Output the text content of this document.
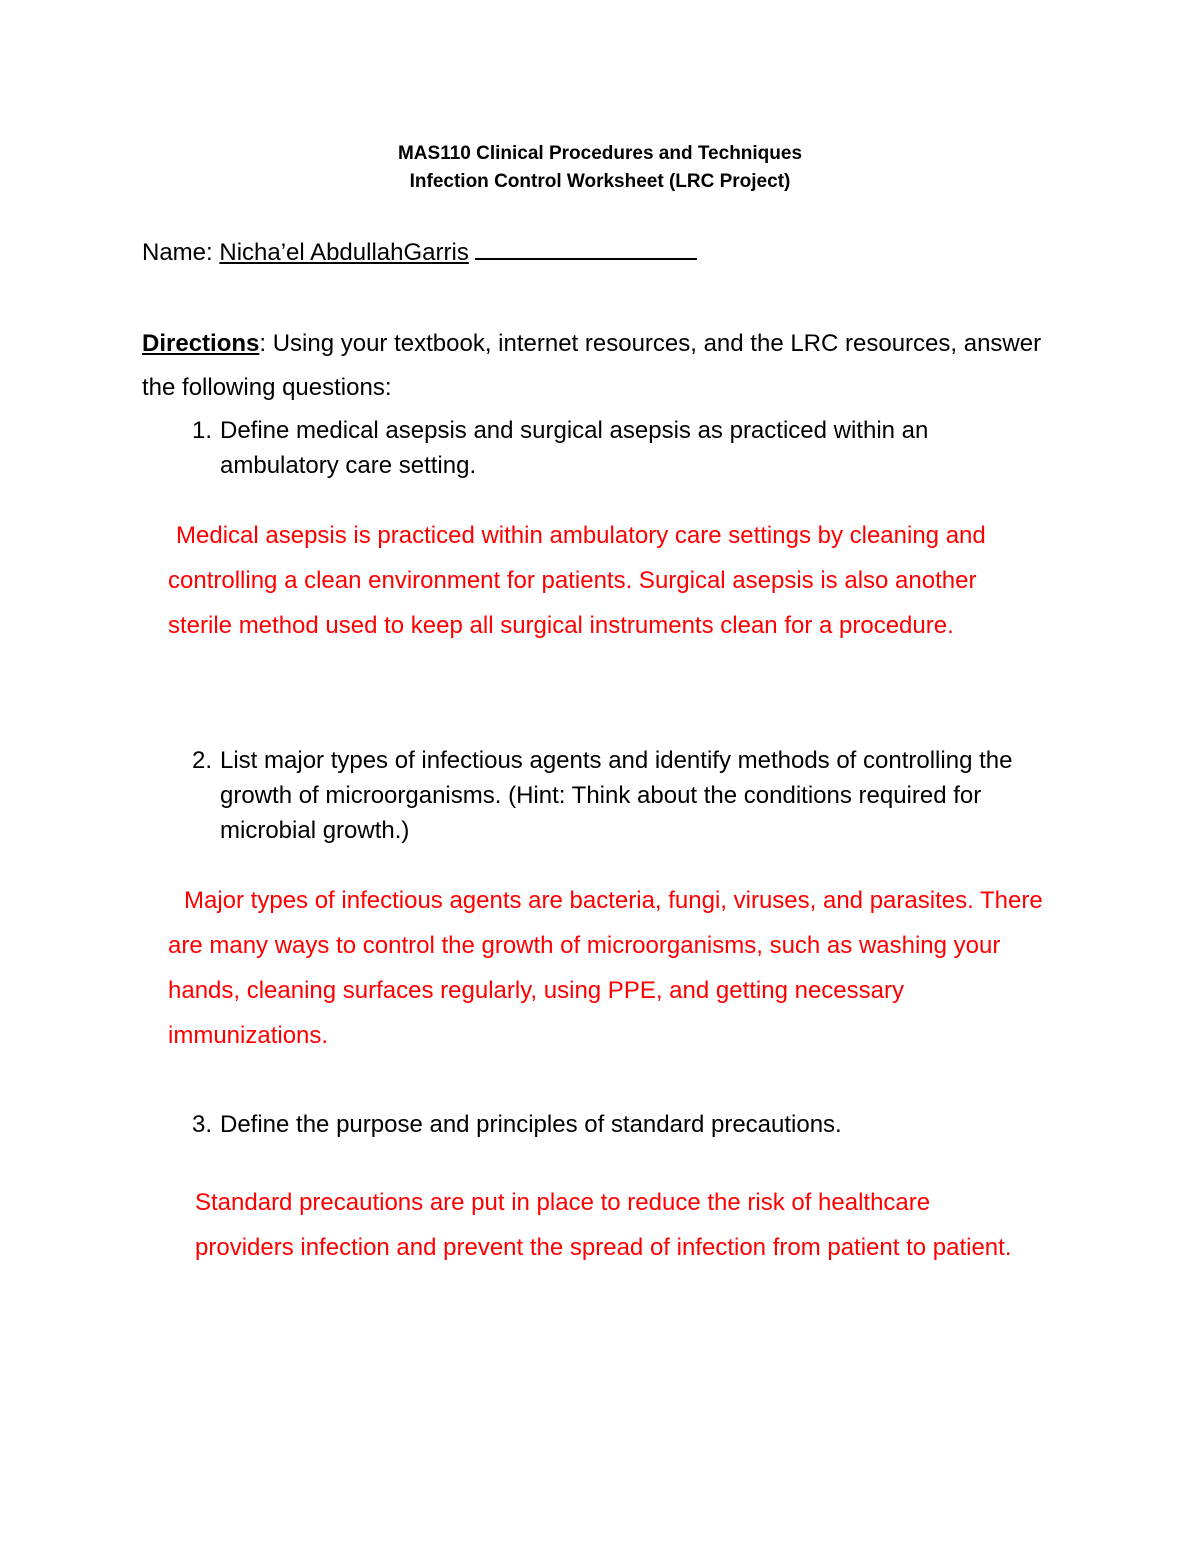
MAS110 Clinical Procedures and Techniques
Infection Control Worksheet (LRC Project)
Name: Nicha’el AbdullahGarris
Directions: Using your textbook, internet resources, and the LRC resources, answer the following questions:
1. Define medical asepsis and surgical asepsis as practiced within an ambulatory care setting.
Medical asepsis is practiced within ambulatory care settings by cleaning and controlling a clean environment for patients. Surgical asepsis is also another sterile method used to keep all surgical instruments clean for a procedure.
2. List major types of infectious agents and identify methods of controlling the growth of microorganisms. (Hint: Think about the conditions required for microbial growth.)
Major types of infectious agents are bacteria, fungi, viruses, and parasites. There are many ways to control the growth of microorganisms, such as washing your hands, cleaning surfaces regularly, using PPE, and getting necessary immunizations.
3. Define the purpose and principles of standard precautions.
Standard precautions are put in place to reduce the risk of healthcare providers infection and prevent the spread of infection from patient to patient.
